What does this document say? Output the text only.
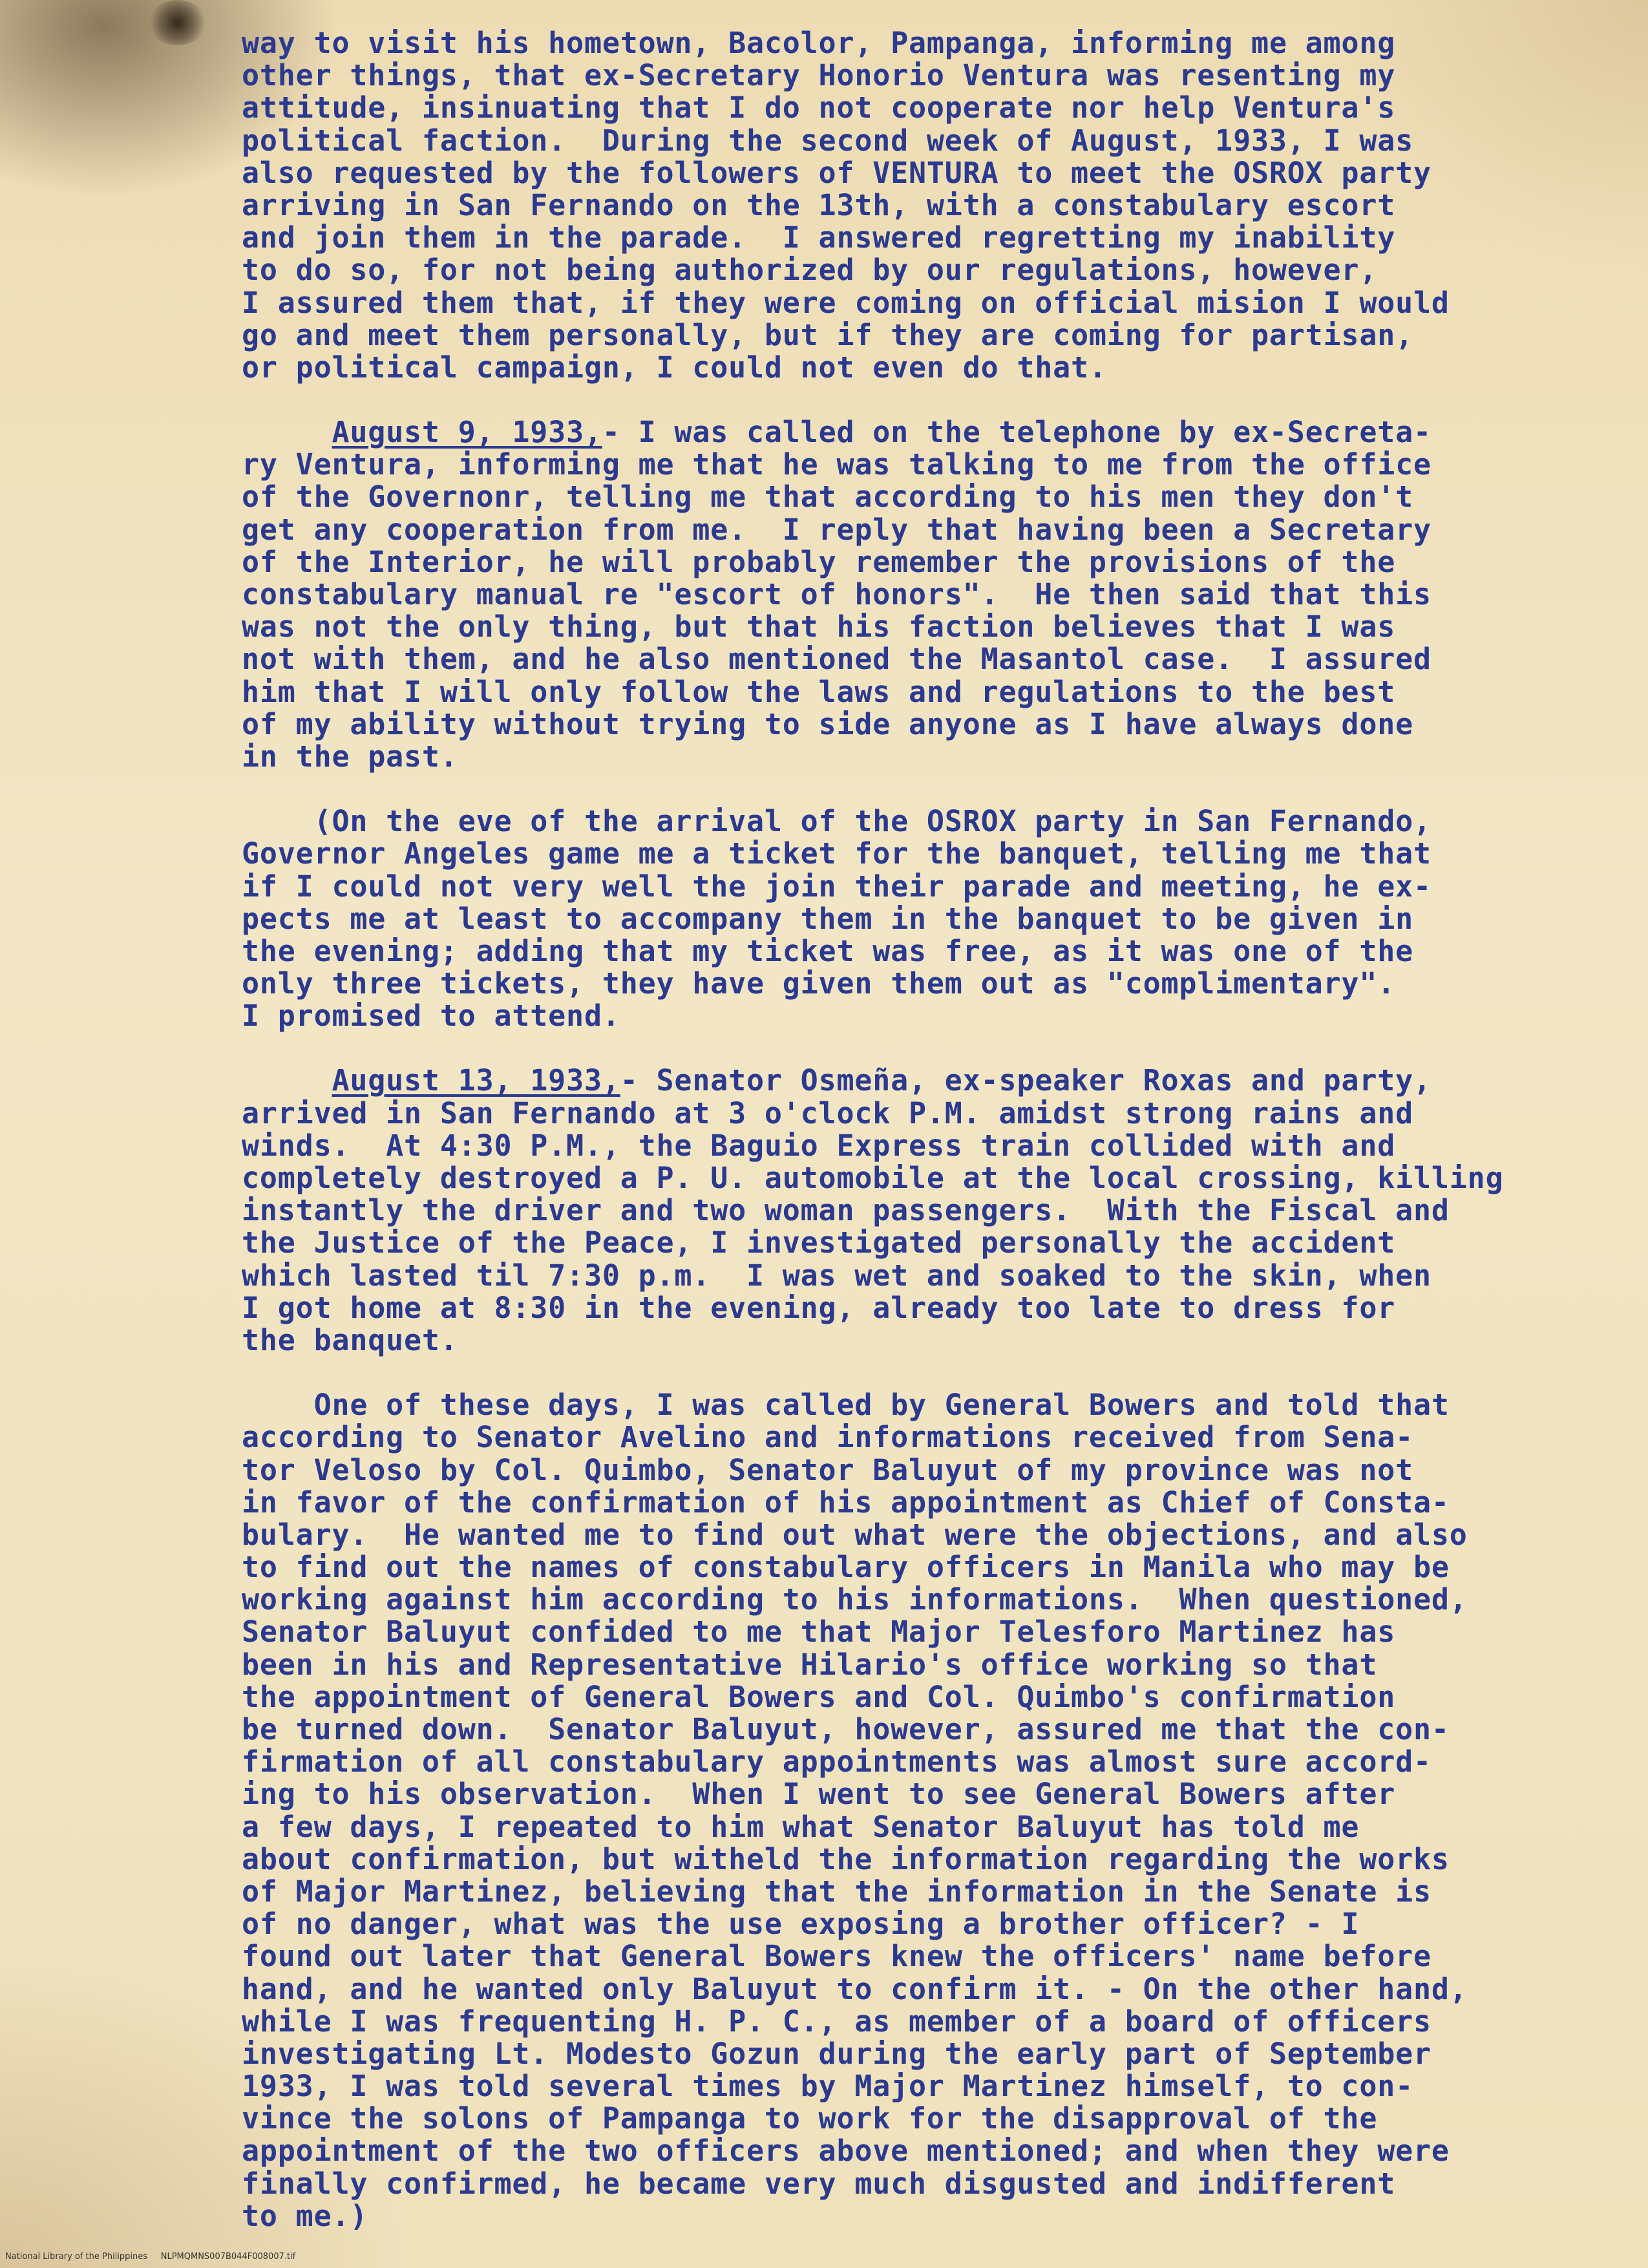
way to visit his hometown, Bacolor, Pampanga, informing me among
other things, that ex-Secretary Honorio Ventura was resenting my
attitude, insinuating that I do not cooperate nor help Ventura's
political faction.  During the second week of August, 1933, I was
also requested by the followers of VENTURA to meet the OSROX party
arriving in San Fernando on the 13th, with a constabulary escort
and join them in the parade.  I answered regretting my inability
to do so, for not being authorized by our regulations, however,
I assured them that, if they were coming on official mision I would
go and meet them personally, but if they are coming for partisan,
or political campaign, I could not even do that.
August 9, 1933,- I was called on the telephone by ex-Secreta-
ry Ventura, informing me that he was talking to me from the office
of the Governonr, telling me that according to his men they don't
get any cooperation from me.  I reply that having been a Secretary
of the Interior, he will probably remember the provisions of the
constabulary manual re "escort of honors".  He then said that this
was not the only thing, but that his faction believes that I was
not with them, and he also mentioned the Masantol case.  I assured
him that I will only follow the laws and regulations to the best
of my ability without trying to side anyone as I have always done
in the past.
(On the eve of the arrival of the OSROX party in San Fernando,
Governor Angeles game me a ticket for the banquet, telling me that
if I could not very well the join their parade and meeting, he ex-
pects me at least to accompany them in the banquet to be given in
the evening; adding that my ticket was free, as it was one of the
only three tickets, they have given them out as "complimentary".
I promised to attend.
August 13, 1933,- Senator Osmeña, ex-speaker Roxas and party,
arrived in San Fernando at 3 o'clock P.M. amidst strong rains and
winds.  At 4:30 P.M., the Baguio Express train collided with and
completely destroyed a P. U. automobile at the local crossing, killing
instantly the driver and two woman passengers.  With the Fiscal and
the Justice of the Peace, I investigated personally the accident
which lasted til 7:30 p.m.  I was wet and soaked to the skin, when
I got home at 8:30 in the evening, already too late to dress for
the banquet.
One of these days, I was called by General Bowers and told that
according to Senator Avelino and informations received from Sena-
tor Veloso by Col. Quimbo, Senator Baluyut of my province was not
in favor of the confirmation of his appointment as Chief of Consta-
bulary.  He wanted me to find out what were the objections, and also
to find out the names of constabulary officers in Manila who may be
working against him according to his informations.  When questioned,
Senator Baluyut confided to me that Major Telesforo Martinez has
been in his and Representative Hilario's office working so that
the appointment of General Bowers and Col. Quimbo's confirmation
be turned down.  Senator Baluyut, however, assured me that the con-
firmation of all constabulary appointments was almost sure accord-
ing to his observation.  When I went to see General Bowers after
a few days, I repeated to him what Senator Baluyut has told me
about confirmation, but witheld the information regarding the works
of Major Martinez, believing that the information in the Senate is
of no danger, what was the use exposing a brother officer? - I
found out later that General Bowers knew the officers' name before
hand, and he wanted only Baluyut to confirm it. - On the other hand,
while I was frequenting H. P. C., as member of a board of officers
investigating Lt. Modesto Gozun during the early part of September
1933, I was told several times by Major Martinez himself, to con-
vince the solons of Pampanga to work for the disapproval of the
appointment of the two officers above mentioned; and when they were
finally confirmed, he became very much disgusted and indifferent
to me.)
National Library of the Philippines     NLPMQMNS007B044F008007.tif
